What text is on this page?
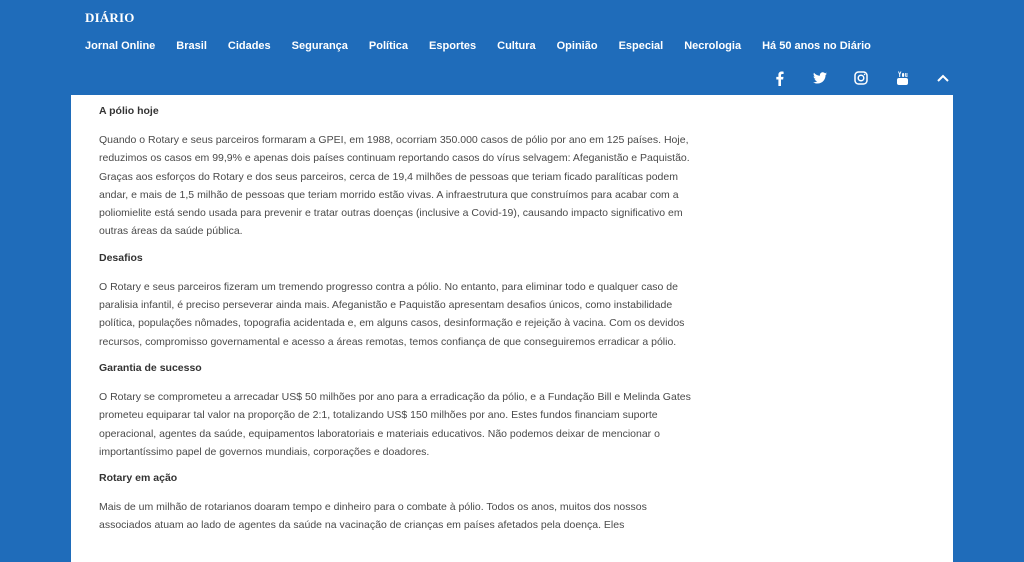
DIÁRIO
Jornal Online Brasil Cidades Segurança Política Esportes Cultura Opinião Especial Necrologia Há 50 anos no Diário
A pólio hoje

Quando o Rotary e seus parceiros formaram a GPEI, em 1988, ocorriam 350.000 casos de pólio por ano em 125 países. Hoje, reduzimos os casos em 99,9% e apenas dois países continuam reportando casos do vírus selvagem: Afeganistão e Paquistão. Graças aos esforços do Rotary e dos seus parceiros, cerca de 19,4 milhões de pessoas que teriam ficado paralíticas podem andar, e mais de 1,5 milhão de pessoas que teriam morrido estão vivas. A infraestrutura que construímos para acabar com a poliomielite está sendo usada para prevenir e tratar outras doenças (inclusive a Covid-19), causando impacto significativo em outras áreas da saúde pública.

Desafios

O Rotary e seus parceiros fizeram um tremendo progresso contra a pólio. No entanto, para eliminar todo e qualquer caso de paralisia infantil, é preciso perseverar ainda mais. Afeganistão e Paquistão apresentam desafios únicos, como instabilidade política, populações nômades, topografia acidentada e, em alguns casos, desinformação e rejeição à vacina. Com os devidos recursos, compromisso governamental e acesso a áreas remotas, temos confiança de que conseguiremos erradicar a pólio.

Garantia de sucesso

O Rotary se comprometeu a arrecadar US$ 50 milhões por ano para a erradicação da pólio, e a Fundação Bill e Melinda Gates prometeu equiparar tal valor na proporção de 2:1, totalizando US$ 150 milhões por ano. Estes fundos financiam suporte operacional, agentes da saúde, equipamentos laboratoriais e materiais educativos. Não podemos deixar de mencionar o importantíssimo papel de governos mundiais, corporações e doadores.

Rotary em ação

Mais de um milhão de rotarianos doaram tempo e dinheiro para o combate à pólio. Todos os anos, muitos dos nossos associados atuam ao lado de agentes da saúde na vacinação de crianças em países afetados pela doença. Eles
